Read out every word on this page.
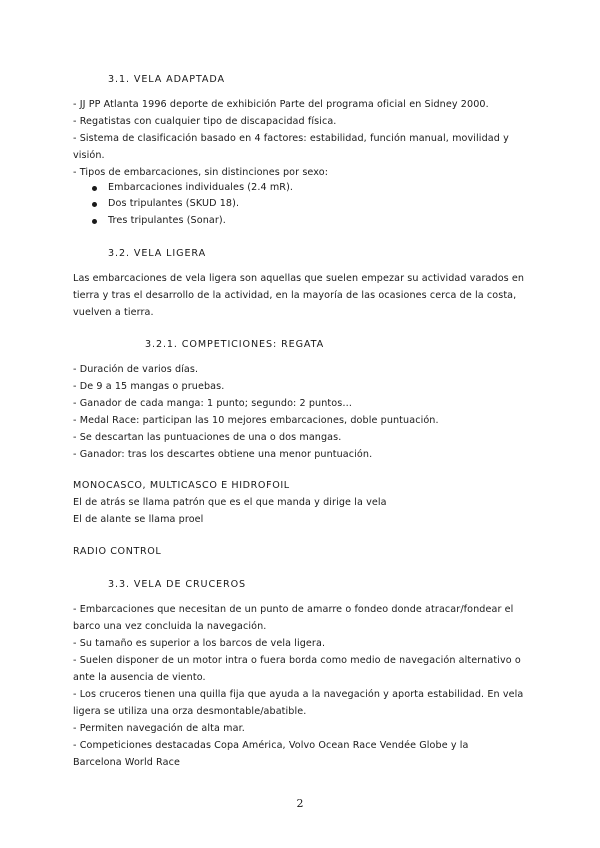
3.1. VELA ADAPTADA
- JJ PP Atlanta 1996 deporte de exhibición Parte del programa oficial en Sidney 2000.
- Regatistas con cualquier tipo de discapacidad física.
- Sistema de clasificación basado en 4 factores: estabilidad, función manual, movilidad y
visión.
- Tipos de embarcaciones, sin distinciones por sexo:
Embarcaciones individuales (2.4 mR).
Dos tripulantes (SKUD 18).
Tres tripulantes (Sonar).
3.2. VELA LIGERA
Las embarcaciones de vela ligera son aquellas que suelen empezar su actividad varados en
tierra y tras el desarrollo de la actividad, en la mayoría de las ocasiones cerca de la costa,
vuelven a tierra.
3.2.1. COMPETICIONES: REGATA
- Duración de varios días.
- De 9 a 15 mangas o pruebas.
- Ganador de cada manga: 1 punto; segundo: 2 puntos…
- Medal Race: participan las 10 mejores embarcaciones, doble puntuación.
- Se descartan las puntuaciones de una o dos mangas.
- Ganador: tras los descartes obtiene una menor puntuación.
MONOCASCO, MULTICASCO E HIDROFOIL
El de atrás se llama patrón que es el que manda y dirige la vela
El de alante se llama proel
RADIO CONTROL
3.3. VELA DE CRUCEROS
- Embarcaciones que necesitan de un punto de amarre o fondeo donde atracar/fondear el
barco una vez concluida la navegación.
- Su tamaño es superior a los barcos de vela ligera.
- Suelen disponer de un motor intra o fuera borda como medio de navegación alternativo o
ante la ausencia de viento.
- Los cruceros tienen una quilla fija que ayuda a la navegación y aporta estabilidad. En vela
ligera se utiliza una orza desmontable/abatible.
- Permiten navegación de alta mar.
- Competiciones destacadas Copa América, Volvo Ocean Race Vendée Globe y la
Barcelona World Race
2
